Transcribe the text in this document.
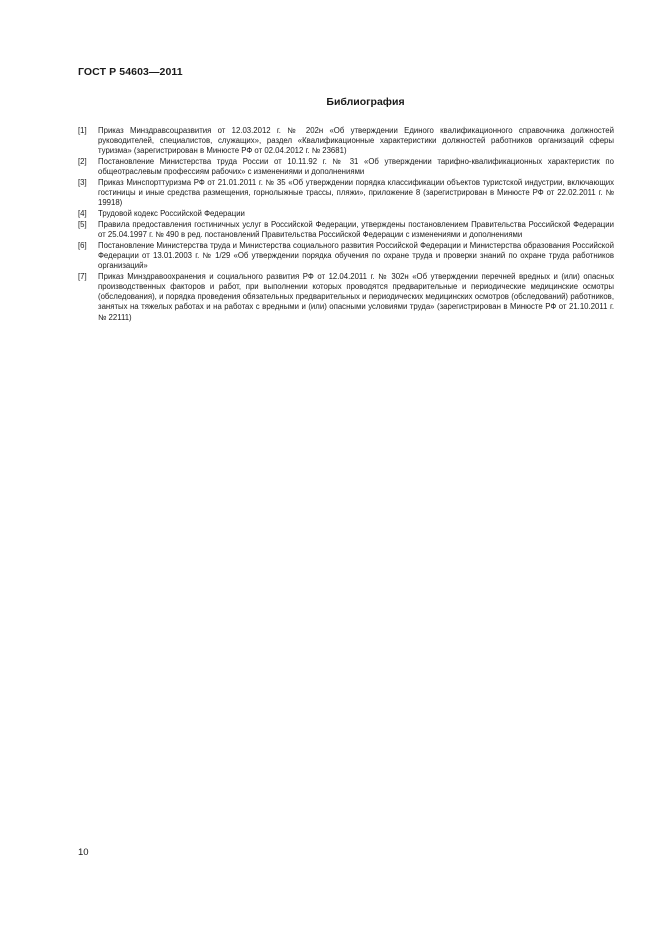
ГОСТ Р 54603—2011
Библиография
[1]	Приказ Минздравсоцразвития от 12.03.2012 г. № 202н «Об утверждении Единого квалификационного справочника должностей руководителей, специалистов, служащих», раздел «Квалификационные характеристики должностей работников организаций сферы туризма» (зарегистрирован в Минюсте РФ от 02.04.2012 г. № 23681)
[2]	Постановление Министерства труда России от 10.11.92 г. № 31 «Об утверждении тарифно-квалификационных характеристик по общеотраслевым профессиям рабочих» с изменениями и дополнениями
[3]	Приказ Минспорттуризма РФ от 21.01.2011 г. № 35 «Об утверждении порядка классификации объектов туристской индустрии, включающих гостиницы и иные средства размещения, горнолыжные трассы, пляжи», приложение 8 (зарегистрирован в Минюсте РФ от 22.02.2011 г. № 19918)
[4]	Трудовой кодекс Российской Федерации
[5]	Правила предоставления гостиничных услуг в Российской Федерации, утверждены постановлением Правительства Российской Федерации от 25.04.1997 г. № 490 в ред. постановлений Правительства Российской Федерации с изменениями и дополнениями
[6]	Постановление Министерства труда и Министерства социального развития Российской Федерации и Министерства образования Российской Федерации от 13.01.2003 г. № 1/29 «Об утверждении порядка обучения по охране труда и проверки знаний по охране труда работников организаций»
[7]	Приказ Минздравоохранения и социального развития РФ от 12.04.2011 г. № 302н «Об утверждении перечней вредных и (или) опасных производственных факторов и работ, при выполнении которых проводятся предварительные и периодические медицинские осмотры (обследования), и порядка проведения обязательных предварительных и периодических медицинских осмотров (обследований) работников, занятых на тяжелых работах и на работах с вредными и (или) опасными условиями труда» (зарегистрирован в Минюсте РФ от 21.10.2011 г. № 22111)
10
